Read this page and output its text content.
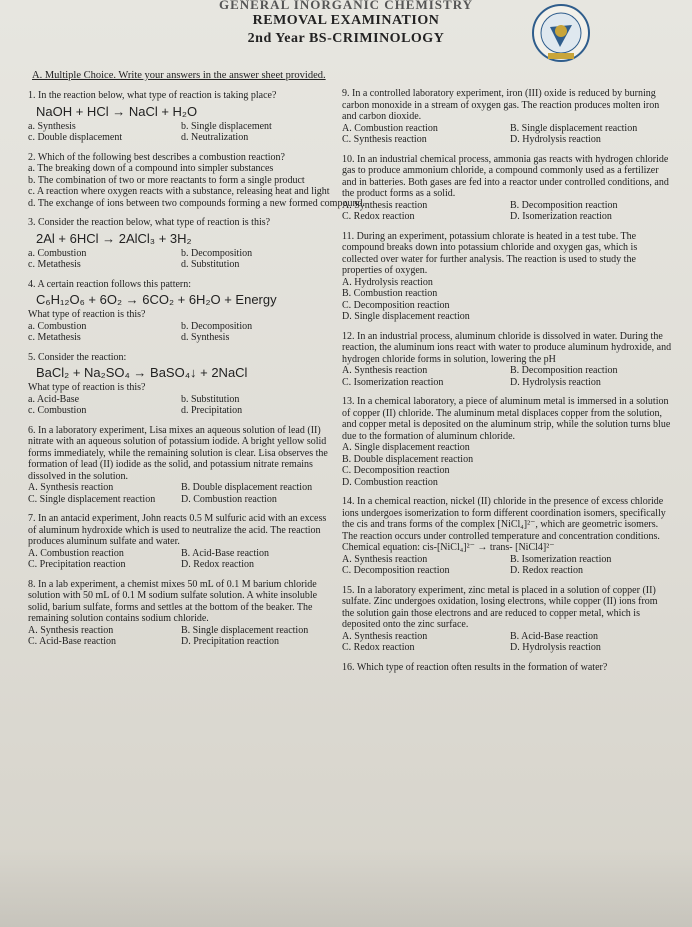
GENERAL INORGANIC CHEMISTRY
REMOVAL EXAMINATION
2nd Year BS-CRIMINOLOGY
A. Multiple Choice. Write your answers in the answer sheet provided.

1. In the reaction below, what type of reaction is taking place?

NaOH + HCl → NaCl + H₂O
a. Synthesis	b. Single displacement
c. Double displacement	d. Neutralization

2. Which of the following best describes a combustion reaction?

a. The breaking down of a compound into simpler substances
b. The combination of two or more reactants to form a single product
c. A reaction where oxygen reacts with a substance, releasing heat and light
d. The exchange of ions between two compounds forming a new formed compound.

3. Consider the reaction below, what type of reaction is this?

2Al + 6HCl → 2AlCl₃ + 3H₂
a. Combustion	b. Decomposition
c. Metathesis	d. Substitution

4. A certain reaction follows this pattern:

C₆H₁₂O₆ + 6O₂ → 6CO₂ + 6H₂O + Energy

What type of reaction is this?

a. Combustion	b. Decomposition
c. Metathesis	d. Synthesis

5. Consider the reaction:

BaCl₂ + Na₂SO₄ → BaSO₄↓ + 2NaCl

What type of reaction is this?

a. Acid-Base	b. Substitution
c. Combustion	d. Precipitation

6. In a laboratory experiment, Lisa mixes an aqueous solution of lead (II) nitrate with an aqueous solution of potassium iodide. A bright yellow solid forms immediately, while the remaining solution is clear. Lisa observes the formation of lead (II) iodide as the solid, and potassium nitrate remains dissolved in the solution.

A. Synthesis reaction	B. Double displacement reaction
C. Single displacement reaction	D. Combustion reaction

7. In an antacid experiment, John reacts 0.5 M sulfuric acid with an excess of aluminum hydroxide which is used to neutralize the acid. The reaction produces aluminum sulfate and water.

A. Combustion reaction	B. Acid-Base reaction
C. Precipitation reaction	D. Redox reaction

8. In a lab experiment, a chemist mixes 50 mL of 0.1 M barium chloride solution with 50 mL of 0.1 M sodium sulfate solution. A white insoluble solid, barium sulfate, forms and settles at the bottom of the beaker. The remaining solution contains sodium chloride.

A. Synthesis reaction	B. Single displacement reaction
C. Acid-Base reaction	D. Precipitation reaction

9. In a controlled laboratory experiment, iron (III) oxide is reduced by burning carbon monoxide in a stream of oxygen gas. The reaction produces molten iron and carbon dioxide.

A. Combustion reaction	B. Single displacement reaction
C. Synthesis reaction	D. Hydrolysis reaction

10. In an industrial chemical process, ammonia gas reacts with hydrogen chloride gas to produce ammonium chloride, a compound commonly used as a fertilizer and in batteries. Both gases are fed into a reactor under controlled conditions, and the product forms as a solid.

A. Synthesis reaction	B. Decomposition reaction
C. Redox reaction	D. Isomerization reaction

11. During an experiment, potassium chlorate is heated in a test tube. The compound breaks down into potassium chloride and oxygen gas, which is collected over water for further analysis. The reaction is used to study the properties of oxygen.

A. Hydrolysis reaction
B. Combustion reaction
C. Decomposition reaction
D. Single displacement reaction

12. In an industrial process, aluminum chloride is dissolved in water. During the reaction, the aluminum ions react with water to produce aluminum hydroxide, and hydrogen chloride forms in solution, lowering the pH

A. Synthesis reaction	B. Decomposition reaction
C. Isomerization reaction	D. Hydrolysis reaction

13. In a chemical laboratory, a piece of aluminum metal is immersed in a solution of copper (II) chloride. The aluminum metal displaces copper from the solution, and copper metal is deposited on the aluminum strip, while the solution turns blue due to the formation of aluminum chloride.

A. Single displacement reaction
B. Double displacement reaction
C. Decomposition reaction
D. Combustion reaction

14. In a chemical reaction, nickel (II) chloride in the presence of excess chloride ions undergoes isomerization to form different coordination isomers, specifically the cis and trans forms of the complex [NiCl₄]²⁻, which are geometric isomers. The reaction occurs under controlled temperature and concentration conditions.

Chemical equation: cis-[NiCl₄]²⁻ → trans- [NiCl4]²⁻

A. Synthesis reaction	B. Isomerization reaction
C. Decomposition reaction	D. Redox reaction

15. In a laboratory experiment, zinc metal is placed in a solution of copper (II) sulfate. Zinc undergoes oxidation, losing electrons, while copper (II) ions from the solution gain those electrons and are reduced to copper metal, which is deposited onto the zinc surface.

A. Synthesis reaction	B. Acid-Base reaction
C. Redox reaction	D. Hydrolysis reaction

16. Which type of reaction often results in the formation of water?
